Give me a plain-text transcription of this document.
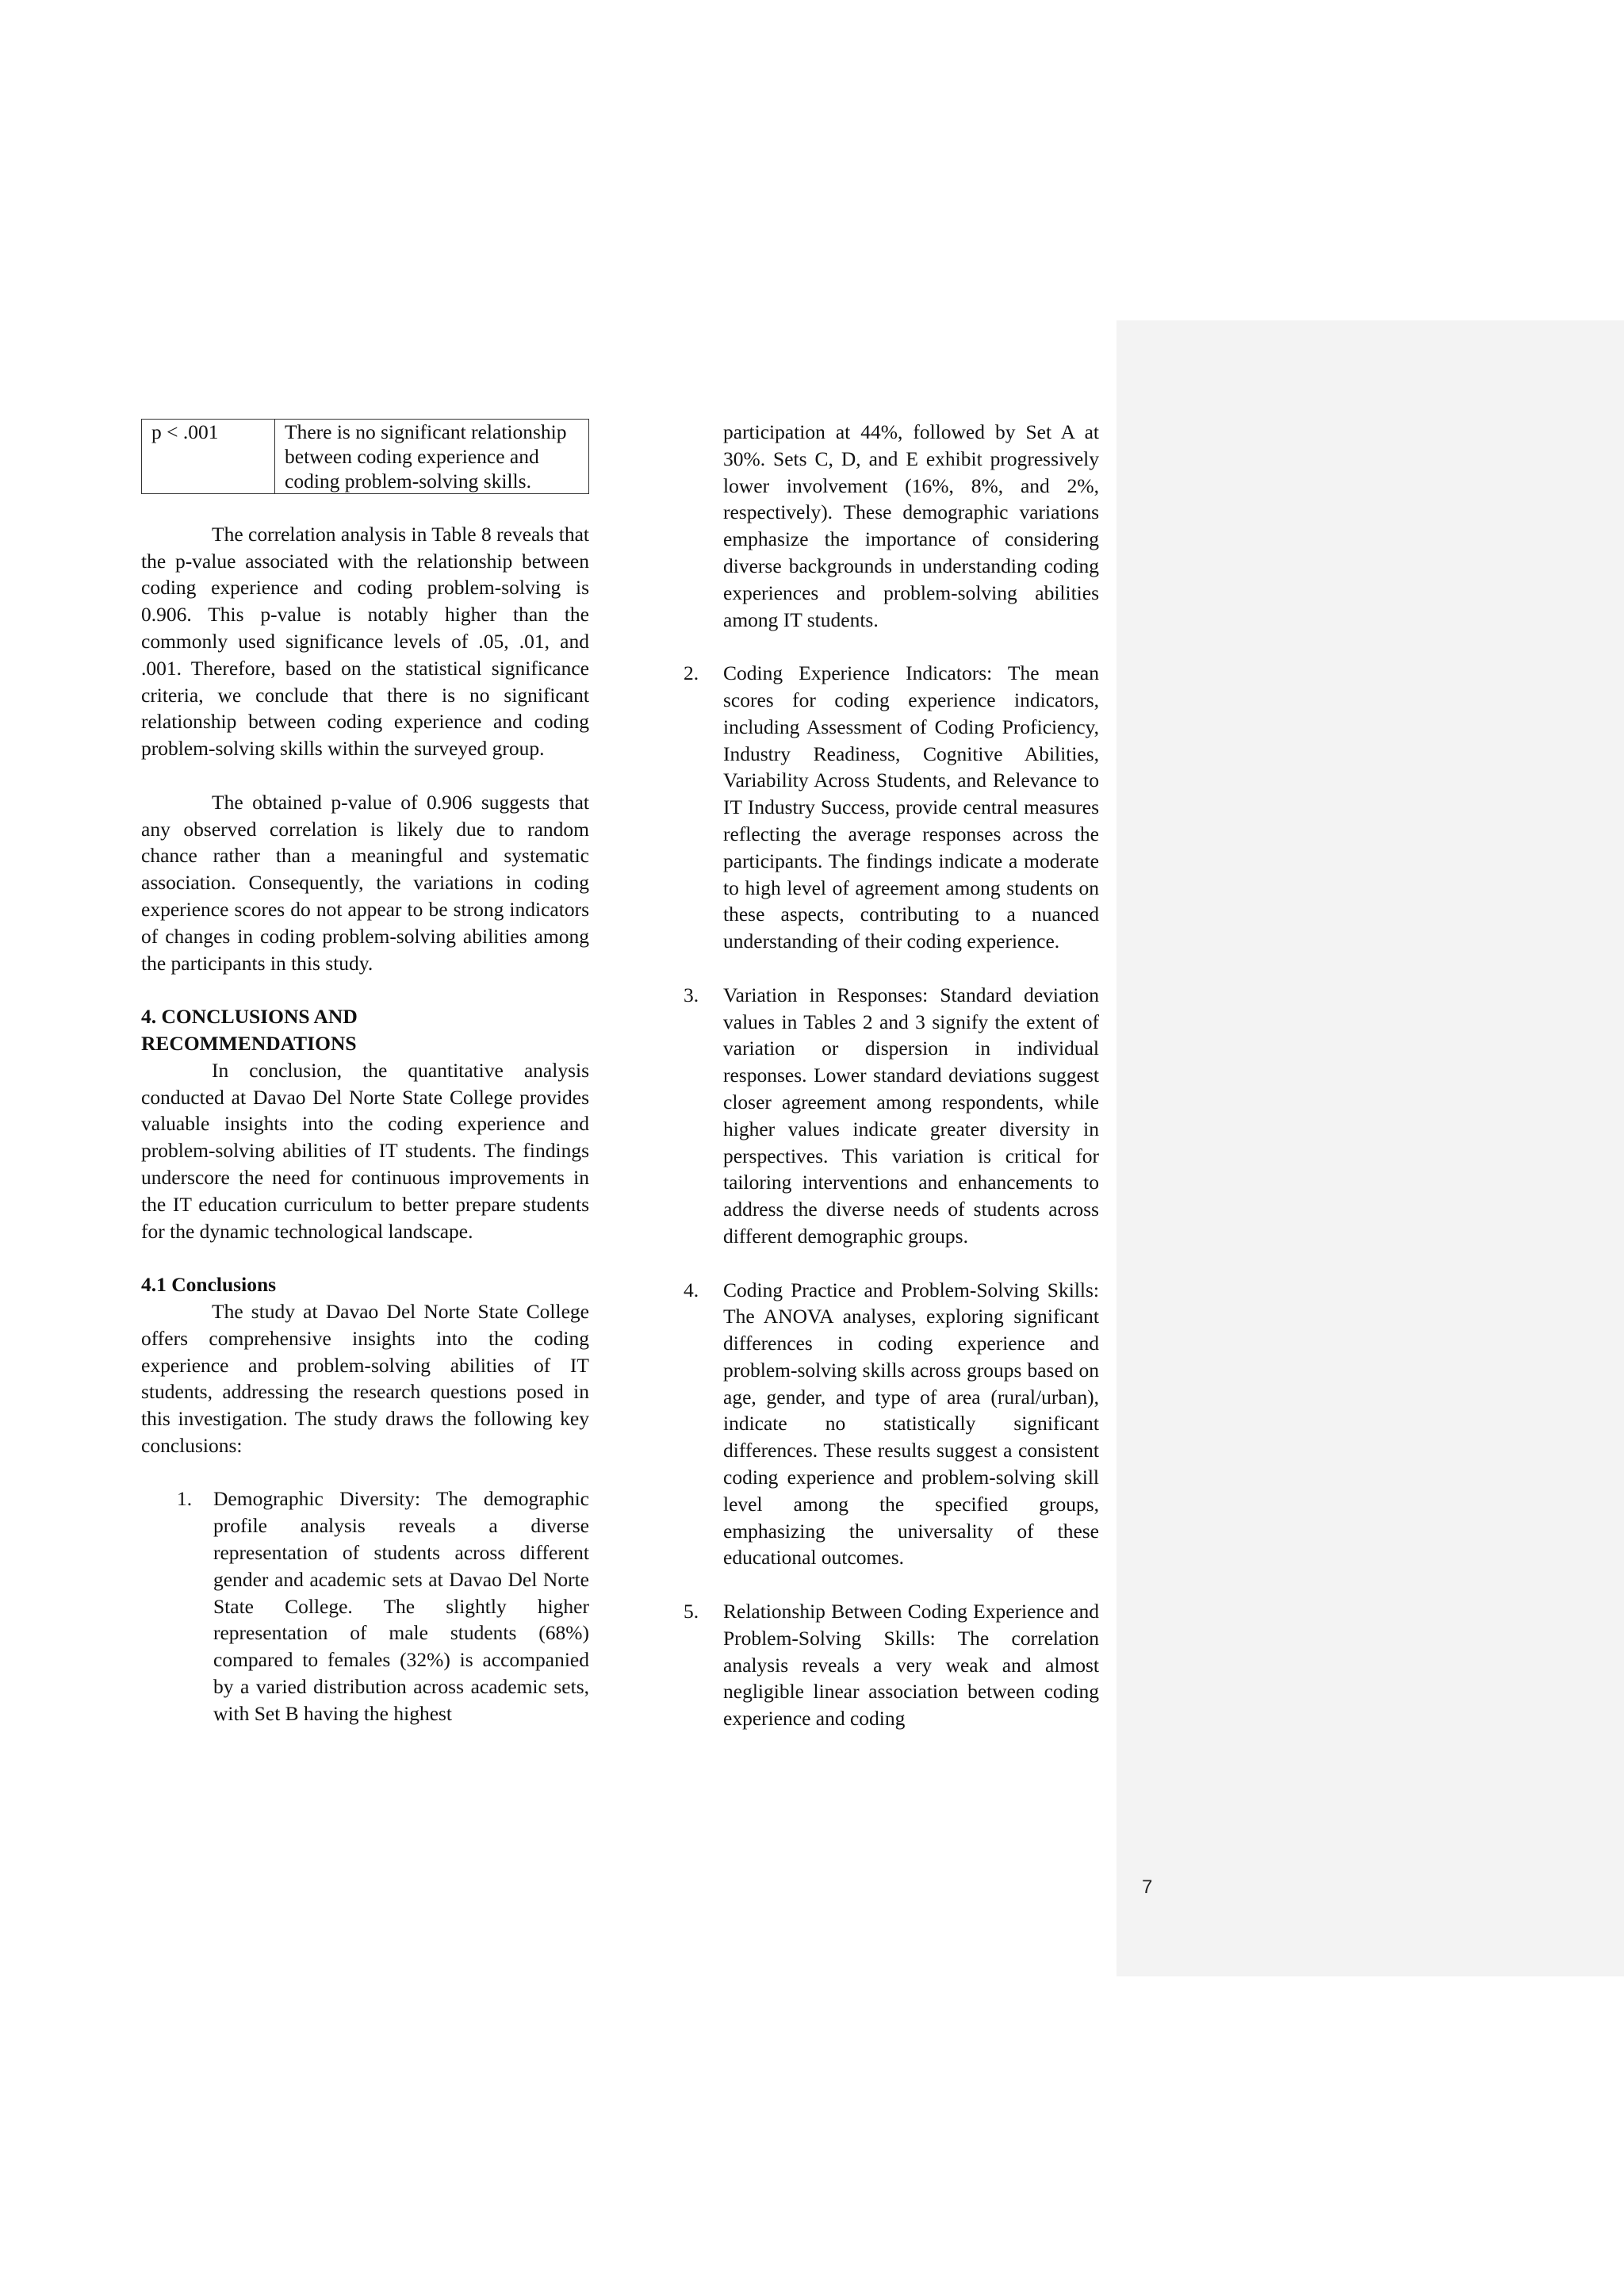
7
p < .001	There is no significant relationship between coding experience and coding problem-solving skills.

The correlation analysis in Table 8 reveals that the p-value associated with the relationship between coding experience and coding problem-solving is 0.906. This p-value is notably higher than the commonly used significance levels of .05, .01, and .001. Therefore, based on the statistical significance criteria, we conclude that there is no significant relationship between coding experience and coding problem-solving skills within the surveyed group.

The obtained p-value of 0.906 suggests that any observed correlation is likely due to random chance rather than a meaningful and systematic association. Consequently, the variations in coding experience scores do not appear to be strong indicators of changes in coding problem-solving abilities among the participants in this study.

4. CONCLUSIONS AND
RECOMMENDATIONS

In conclusion, the quantitative analysis conducted at Davao Del Norte State College provides valuable insights into the coding experience and problem-solving abilities of IT students. The findings underscore the need for continuous improvements in the IT education curriculum to better prepare students for the dynamic technological landscape.

4.1 Conclusions

The study at Davao Del Norte State College offers comprehensive insights into the coding experience and problem-solving abilities of IT students, addressing the research questions posed in this investigation. The study draws the following key conclusions:

1. Demographic Diversity: The demographic profile analysis reveals a diverse representation of students across different gender and academic sets at Davao Del Norte State College. The slightly higher representation of male students (68%) compared to females (32%) is accompanied by a varied distribution across academic sets, with Set B having the highest

participation at 44%, followed by Set A at 30%. Sets C, D, and E exhibit progressively lower involvement (16%, 8%, and 2%, respectively). These demographic variations emphasize the importance of considering diverse backgrounds in understanding coding experiences and problem-solving abilities among IT students.

2. Coding Experience Indicators: The mean scores for coding experience indicators, including Assessment of Coding Proficiency, Industry Readiness, Cognitive Abilities, Variability Across Students, and Relevance to IT Industry Success, provide central measures reflecting the average responses across the participants. The findings indicate a moderate to high level of agreement among students on these aspects, contributing to a nuanced understanding of their coding experience.
3. Variation in Responses: Standard deviation values in Tables 2 and 3 signify the extent of variation or dispersion in individual responses. Lower standard deviations suggest closer agreement among respondents, while higher values indicate greater diversity in perspectives. This variation is critical for tailoring interventions and enhancements to address the diverse needs of students across different demographic groups.
4. Coding Practice and Problem-Solving Skills: The ANOVA analyses, exploring significant differences in coding experience and problem-solving skills across groups based on age, gender, and type of area (rural/urban), indicate no statistically significant differences. These results suggest a consistent coding experience and problem-solving skill level among the specified groups, emphasizing the universality of these educational outcomes.
5. Relationship Between Coding Experience and Problem-Solving Skills: The correlation analysis reveals a very weak and almost negligible linear association between coding experience and coding
